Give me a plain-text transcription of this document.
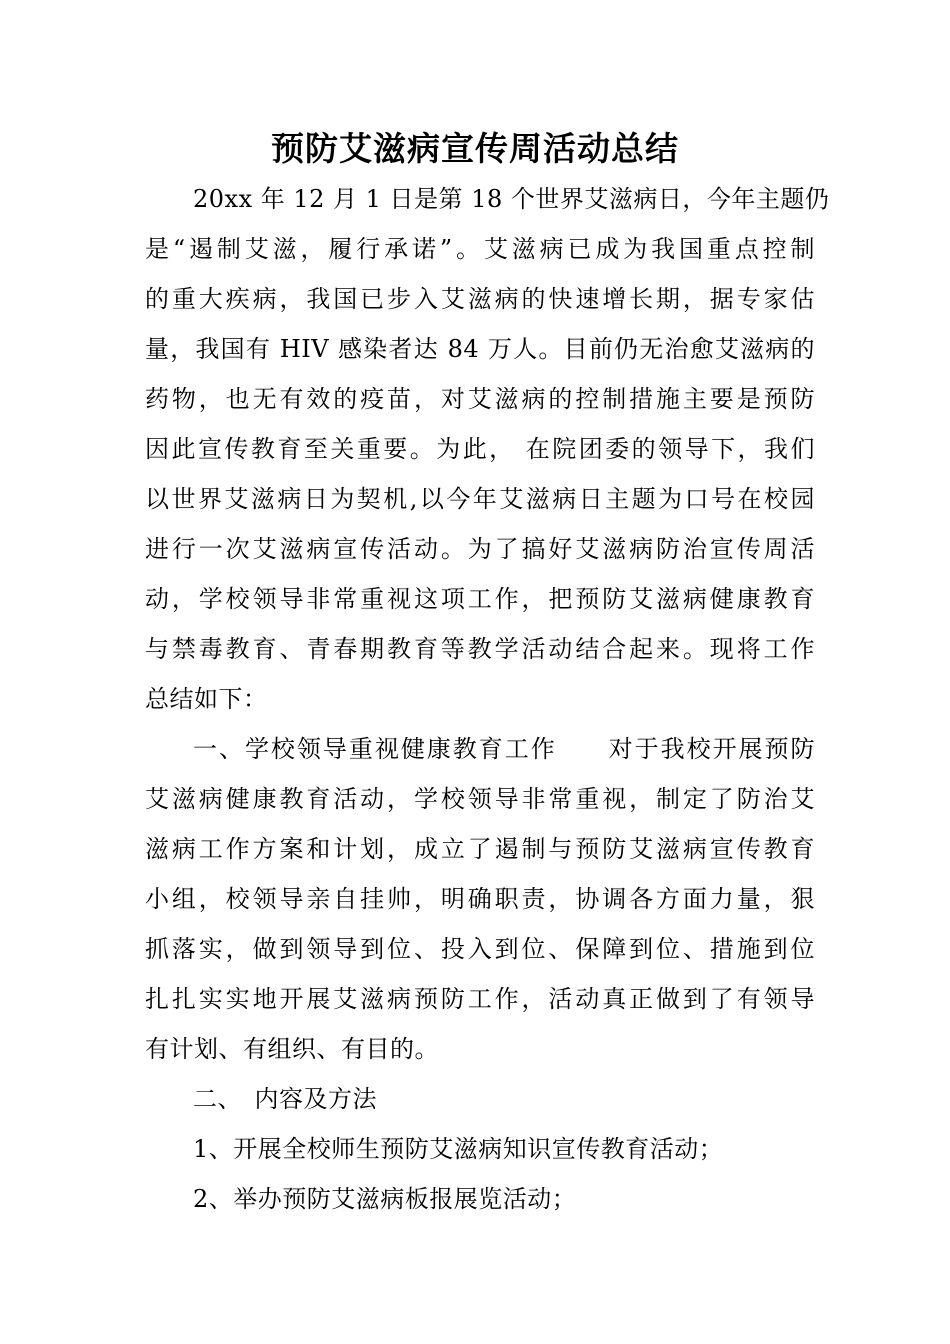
预防艾滋病宣传周活动总结
20xx 年 12 月 1 日是第 18 个世界艾滋病日，今年主题仍
是“遏制艾滋，履行承诺”。艾滋病已成为我国重点控制
的重大疾病，我国已步入艾滋病的快速增长期，据专家估
量，我国有 HIV 感染者达 84 万人。目前仍无治愈艾滋病的
药物，也无有效的疫苗，对艾滋病的控制措施主要是预防
因此宣传教育至关重要。为此， 在院团委的领导下，我们
以世界艾滋病日为契机,以今年艾滋病日主题为口号在校园
进行一次艾滋病宣传活动。为了搞好艾滋病防治宣传周活
动，学校领导非常重视这项工作，把预防艾滋病健康教育
与禁毒教育、青春期教育等教学活动结合起来。现将工作
总结如下：
一、学校领导重视健康教育工作　　对于我校开展预防
艾滋病健康教育活动，学校领导非常重视，制定了防治艾
滋病工作方案和计划，成立了遏制与预防艾滋病宣传教育
小组，校领导亲自挂帅，明确职责，协调各方面力量，狠
抓落实，做到领导到位、投入到位、保障到位、措施到位
扎扎实实地开展艾滋病预防工作，活动真正做到了有领导
有计划、有组织、有目的。
二、　内容及方法
1、开展全校师生预防艾滋病知识宣传教育活动；
2、举办预防艾滋病板报展览活动；
